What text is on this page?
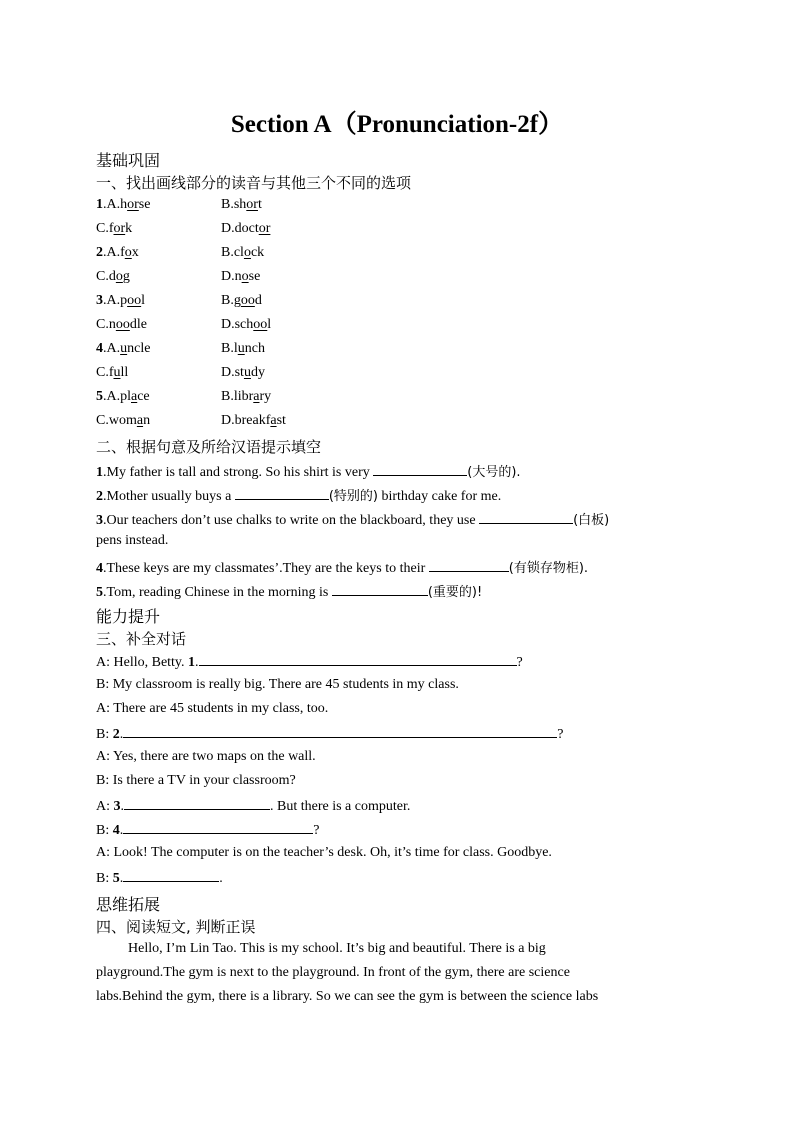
Section A（Pronunciation-2f）
基础巩固
一、找出画线部分的读音与其他三个不同的选项
1.A.horse	B.short
C.fork	D.doctor
2.A.fox	B.clock
C.dog	D.nose
3.A.pool	B.good
C.noodle	D.school
4.A.uncle	B.lunch
C.full	D.study
5.A.place	B.library
C.woman	D.breakfast
二、根据句意及所给汉语提示填空
1.My father is tall and strong. So his shirt is very	(大号的).
2.Mother usually buys a	(特别的) birthday cake for me.
3.Our teachers don’t use chalks to write on the blackboard, they use	(白板)
pens instead.
4.These keys are my classmates’.They are the keys to their	(有锁存物柜).
5.Tom, reading Chinese in the morning is	(重要的)!
能力提升
三、补全对话
A: Hello, Betty. 1.	?
B: My classroom is really big. There are 45 students in my class.
A: There are 45 students in my class, too.
B: 2.	?
A: Yes, there are two maps on the wall.
B: Is there a TV in your classroom?
A: 3.	. But there is a computer.
B: 4.	?
A: Look! The computer is on the teacher’s desk. Oh, it’s time for class. Goodbye.
B: 5.	.
思维拓展
四、阅读短文, 判断正误
Hello, I’m Lin Tao. This is my school. It’s big and beautiful. There is a big
playground.The gym is next to the playground. In front of the gym, there are science
labs.Behind the gym, there is a library. So we can see the gym is between the science labs
